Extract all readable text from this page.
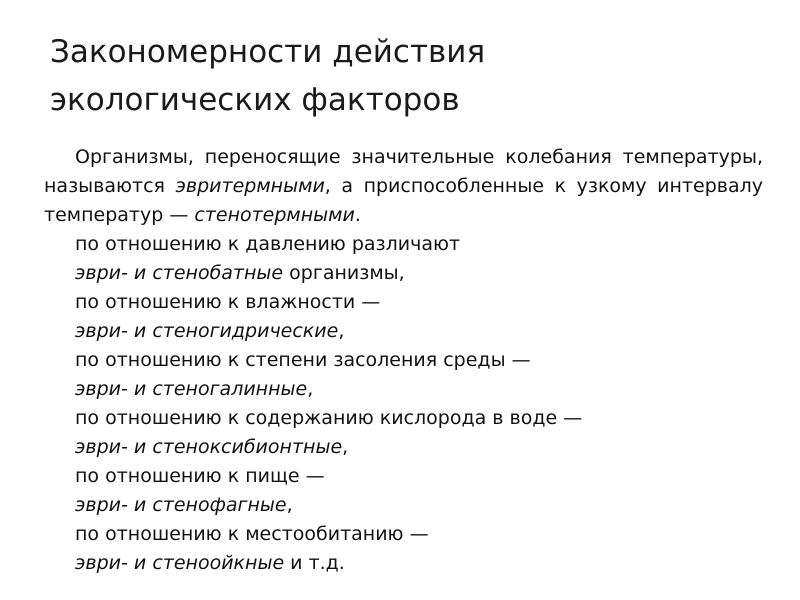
Закономерности действия
экологических факторов

Организмы, переносящие значительные колебания температуры, называются эвритермными, а приспособленные к узкому интервалу температур — стенотермными.

по отношению к давлению различают

эври- и стенобатные организмы,

по отношению к влажности —

эври- и стеногидрические,

по отношению к степени засоления среды —

эври- и стеногалинные,

по отношению к содержанию кислорода в воде —

эври- и стеноксибионтные,

по отношению к пище —

эври- и стенофагные,

по отношению к местообитанию —

эври- и стеноойкные и т.д.
